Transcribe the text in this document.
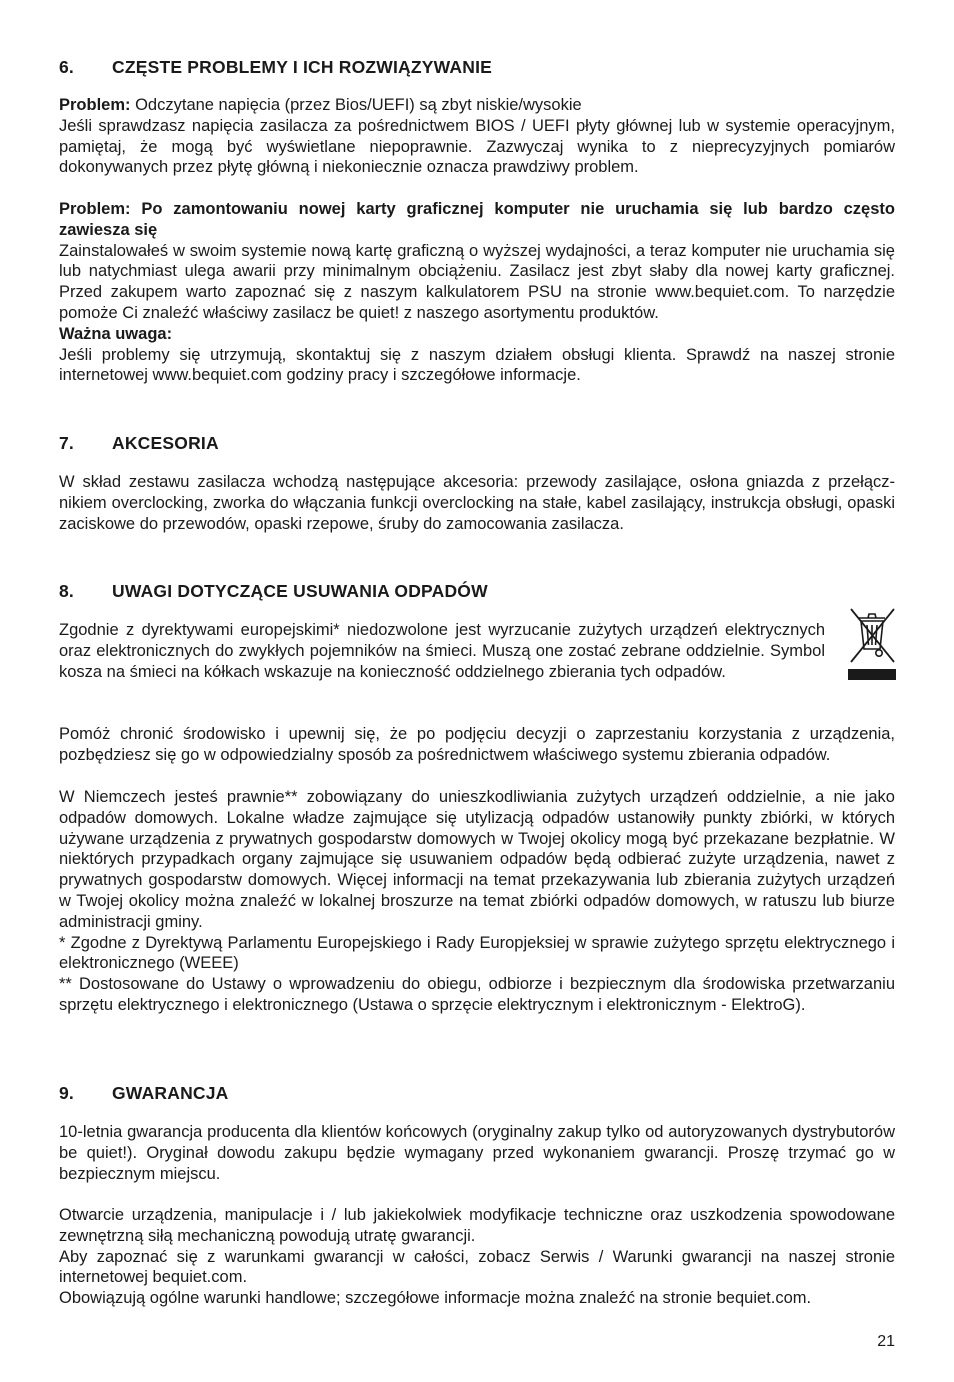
6. CZĘSTE PROBLEMY I ICH ROZWIĄZYWANIE

Problem: Odczytane napięcia (przez Bios/UEFI) są zbyt niskie/wysokie

Jeśli sprawdzasz napięcia zasilacza za pośrednictwem BIOS / UEFI płyty głównej lub w systemie operacyjnym, pamiętaj, że mogą być wyświetlane niepoprawnie. Zazwyczaj wynika to z nieprecyzyjnych pomiarów dokonywanych przez płytę główną i niekoniecznie oznacza prawdziwy problem.

Problem: Po zamontowaniu nowej karty graficznej komputer nie uruchamia się lub bardzo często zawiesza się

Zainstalowałeś w swoim systemie nową kartę graficzną o wyższej wydajności, a teraz komputer nie uruchamia się lub natychmiast ulega awarii przy minimalnym obciążeniu. Zasilacz jest zbyt słaby dla nowej karty graficznej. Przed zakupem warto zapoznać się z naszym kalkulatorem PSU na stronie www.bequiet.com. To narzędzie pomoże Ci znaleźć właściwy zasilacz be quiet! z naszego asortymentu produktów.

Ważna uwaga:

Jeśli problemy się utrzymują, skontaktuj się z naszym działem obsługi klienta. Sprawdź na naszej stronie internetowej www.bequiet.com godziny pracy i szczegółowe informacje.

7. AKCESORIA

W skład zestawu zasilacza wchodzą następujące akcesoria: przewody zasilające, osłona gniazda z przełącz-nikiem overclocking, zworka do włączania funkcji overclocking na stałe, kabel zasilający, instrukcja obsługi, opaski zaciskowe do przewodów, opaski rzepowe, śruby do zamocowania zasilacza.

8. UWAGI DOTYCZĄCE USUWANIA ODPADÓW

Zgodnie z dyrektywami europejskimi* niedozwolone jest wyrzucanie zużytych urządzeń elektrycznych oraz elektronicznych do zwykłych pojemników na śmieci. Muszą one zostać zebrane oddzielnie. Symbol kosza na śmieci na kółkach wskazuje na konieczność oddzielnego zbierania tych odpadów.

Pomóż chronić środowisko i upewnij się, że po podjęciu decyzji o zaprzestaniu korzystania z urządzenia, pozbędziesz się go w odpowiedzialny sposób za pośrednictwem właściwego systemu zbierania odpadów.

W Niemczech jesteś prawnie** zobowiązany do unieszkodliwiania zużytych urządzeń oddzielnie, a nie jako odpadów domowych. Lokalne władze zajmujące się utylizacją odpadów ustanowiły punkty zbiórki, w których używane urządzenia z prywatnych gospodarstw domowych w Twojej okolicy mogą być przekazane bezpłatnie. W niektórych przypadkach organy zajmujące się usuwaniem odpadów będą odbierać zużyte urządzenia, nawet z prywatnych gospodarstw domowych. Więcej informacji na temat przekazywania lub zbierania zużytych urządzeń w Twojej okolicy można znaleźć w lokalnej broszurze na temat zbiórki odpadów domowych, w ratuszu lub biurze administracji gminy.

* Zgodne z Dyrektywą Parlamentu Europejskiego i Rady Europjeksiej w sprawie zużytego sprzętu elektrycznego i elektronicznego (WEEE)

** Dostosowane do Ustawy o wprowadzeniu do obiegu, odbiorze i bezpiecznym dla środowiska przetwarzaniu sprzętu elektrycznego i elektronicznego (Ustawa o sprzęcie elektrycznym i elektronicznym - ElektroG).

9. GWARANCJA

10-letnia gwarancja producenta dla klientów końcowych (oryginalny zakup tylko od autoryzowanych dystrybutorów be quiet!). Oryginał dowodu zakupu będzie wymagany przed wykonaniem gwarancji. Proszę trzymać go w bezpiecznym miejscu.

Otwarcie urządzenia, manipulacje i / lub jakiekolwiek modyfikacje techniczne oraz uszkodzenia spowodowane zewnętrzną siłą mechaniczną powodują utratę gwarancji.

Aby zapoznać się z warunkami gwarancji w całości, zobacz Serwis / Warunki gwarancji na naszej stronie internetowej bequiet.com.

Obowiązują ogólne warunki handlowe; szczegółowe informacje można znaleźć na stronie bequiet.com.

21
